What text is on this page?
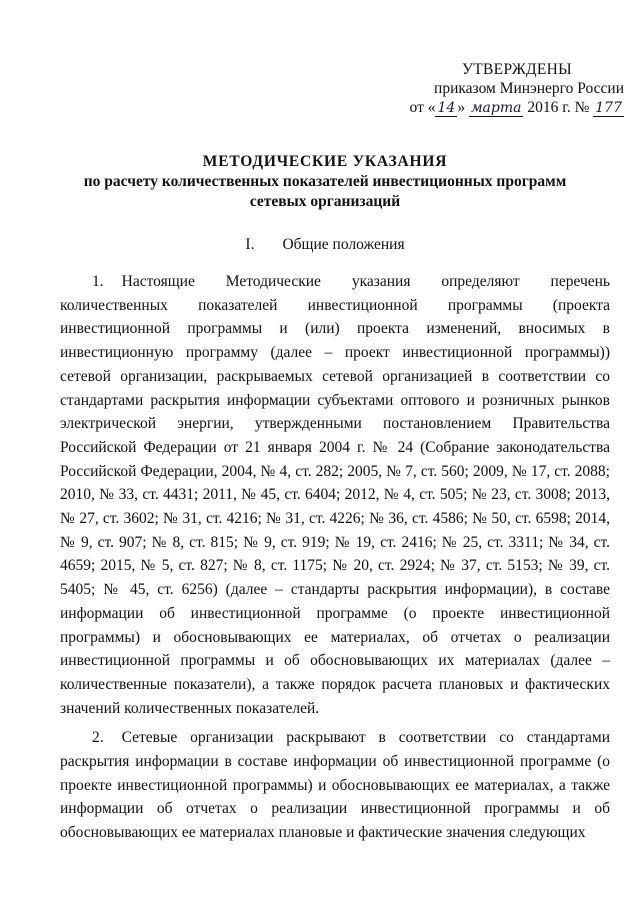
УТВЕРЖДЕНЫ
приказом Минэнерго России
от « 14 » марта 2016 г. № 177
МЕТОДИЧЕСКИЕ УКАЗАНИЯ
по расчету количественных показателей инвестиционных программ
сетевых организаций
I. Общие положения

1. Настоящие Методические указания определяют перечень количественных показателей инвестиционной программы (проекта инвестиционной программы и (или) проекта изменений, вносимых в инвестиционную программу (далее – проект инвестиционной программы)) сетевой организации, раскрываемых сетевой организацией в соответствии со стандартами раскрытия информации субъектами оптового и розничных рынков электрической энергии, утвержденными постановлением Правительства Российской Федерации от 21 января 2004 г. № 24 (Собрание законодательства Российской Федерации, 2004, № 4, ст. 282; 2005, № 7, ст. 560; 2009, № 17, ст. 2088; 2010, № 33, ст. 4431; 2011, № 45, ст. 6404; 2012, № 4, ст. 505; № 23, ст. 3008; 2013, № 27, ст. 3602; № 31, ст. 4216; № 31, ст. 4226; № 36, ст. 4586; № 50, ст. 6598; 2014, № 9, ст. 907; № 8, ст. 815; № 9, ст. 919; № 19, ст. 2416; № 25, ст. 3311; № 34, ст. 4659; 2015, № 5, ст. 827; № 8, ст. 1175; № 20, ст. 2924; № 37, ст. 5153; № 39, ст. 5405; № 45, ст. 6256) (далее – стандарты раскрытия информации), в составе информации об инвестиционной программе (о проекте инвестиционной программы) и обосновывающих ее материалах, об отчетах о реализации инвестиционной программы и об обосновывающих их материалах (далее – количественные показатели), а также порядок расчета плановых и фактических значений количественных показателей.

2. Сетевые организации раскрывают в соответствии со стандартами раскрытия информации в составе информации об инвестиционной программе (о проекте инвестиционной программы) и обосновывающих ее материалах, а также информации об отчетах о реализации инвестиционной программы и об обосновывающих ее материалах плановые и фактические значения следующих
